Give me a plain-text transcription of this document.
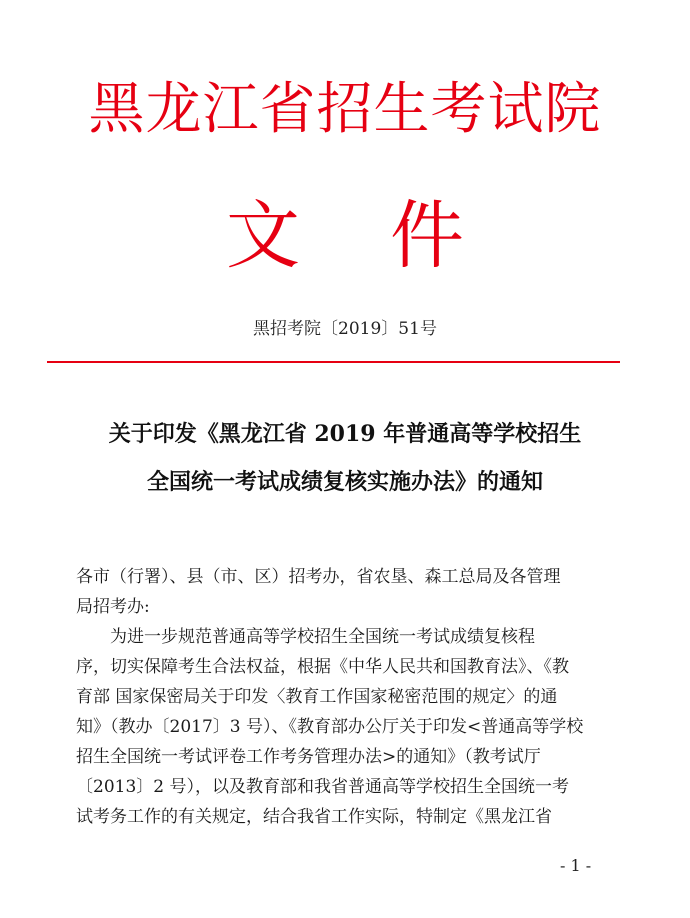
黑龙江省招生考试院
文件
黑招考院〔2019〕51号
关于印发《黑龙江省 2019 年普通高等学校招生
全国统一考试成绩复核实施办法》的通知
各市（行署）、县（市、区）招考办，省农垦、森工总局及各管理
局招考办:
　　为进一步规范普通高等学校招生全国统一考试成绩复核程
序，切实保障考生合法权益，根据《中华人民共和国教育法》、《教
育部 国家保密局关于印发〈教育工作国家秘密范围的规定〉的通
知》（教办〔2017〕3 号）、《教育部办公厅关于印发<普通高等学校
招生全国统一考试评卷工作考务管理办法>的通知》（教考试厅
〔2013〕2 号），以及教育部和我省普通高等学校招生全国统一考
试考务工作的有关规定，结合我省工作实际，特制定《黑龙江省
- 1 -
